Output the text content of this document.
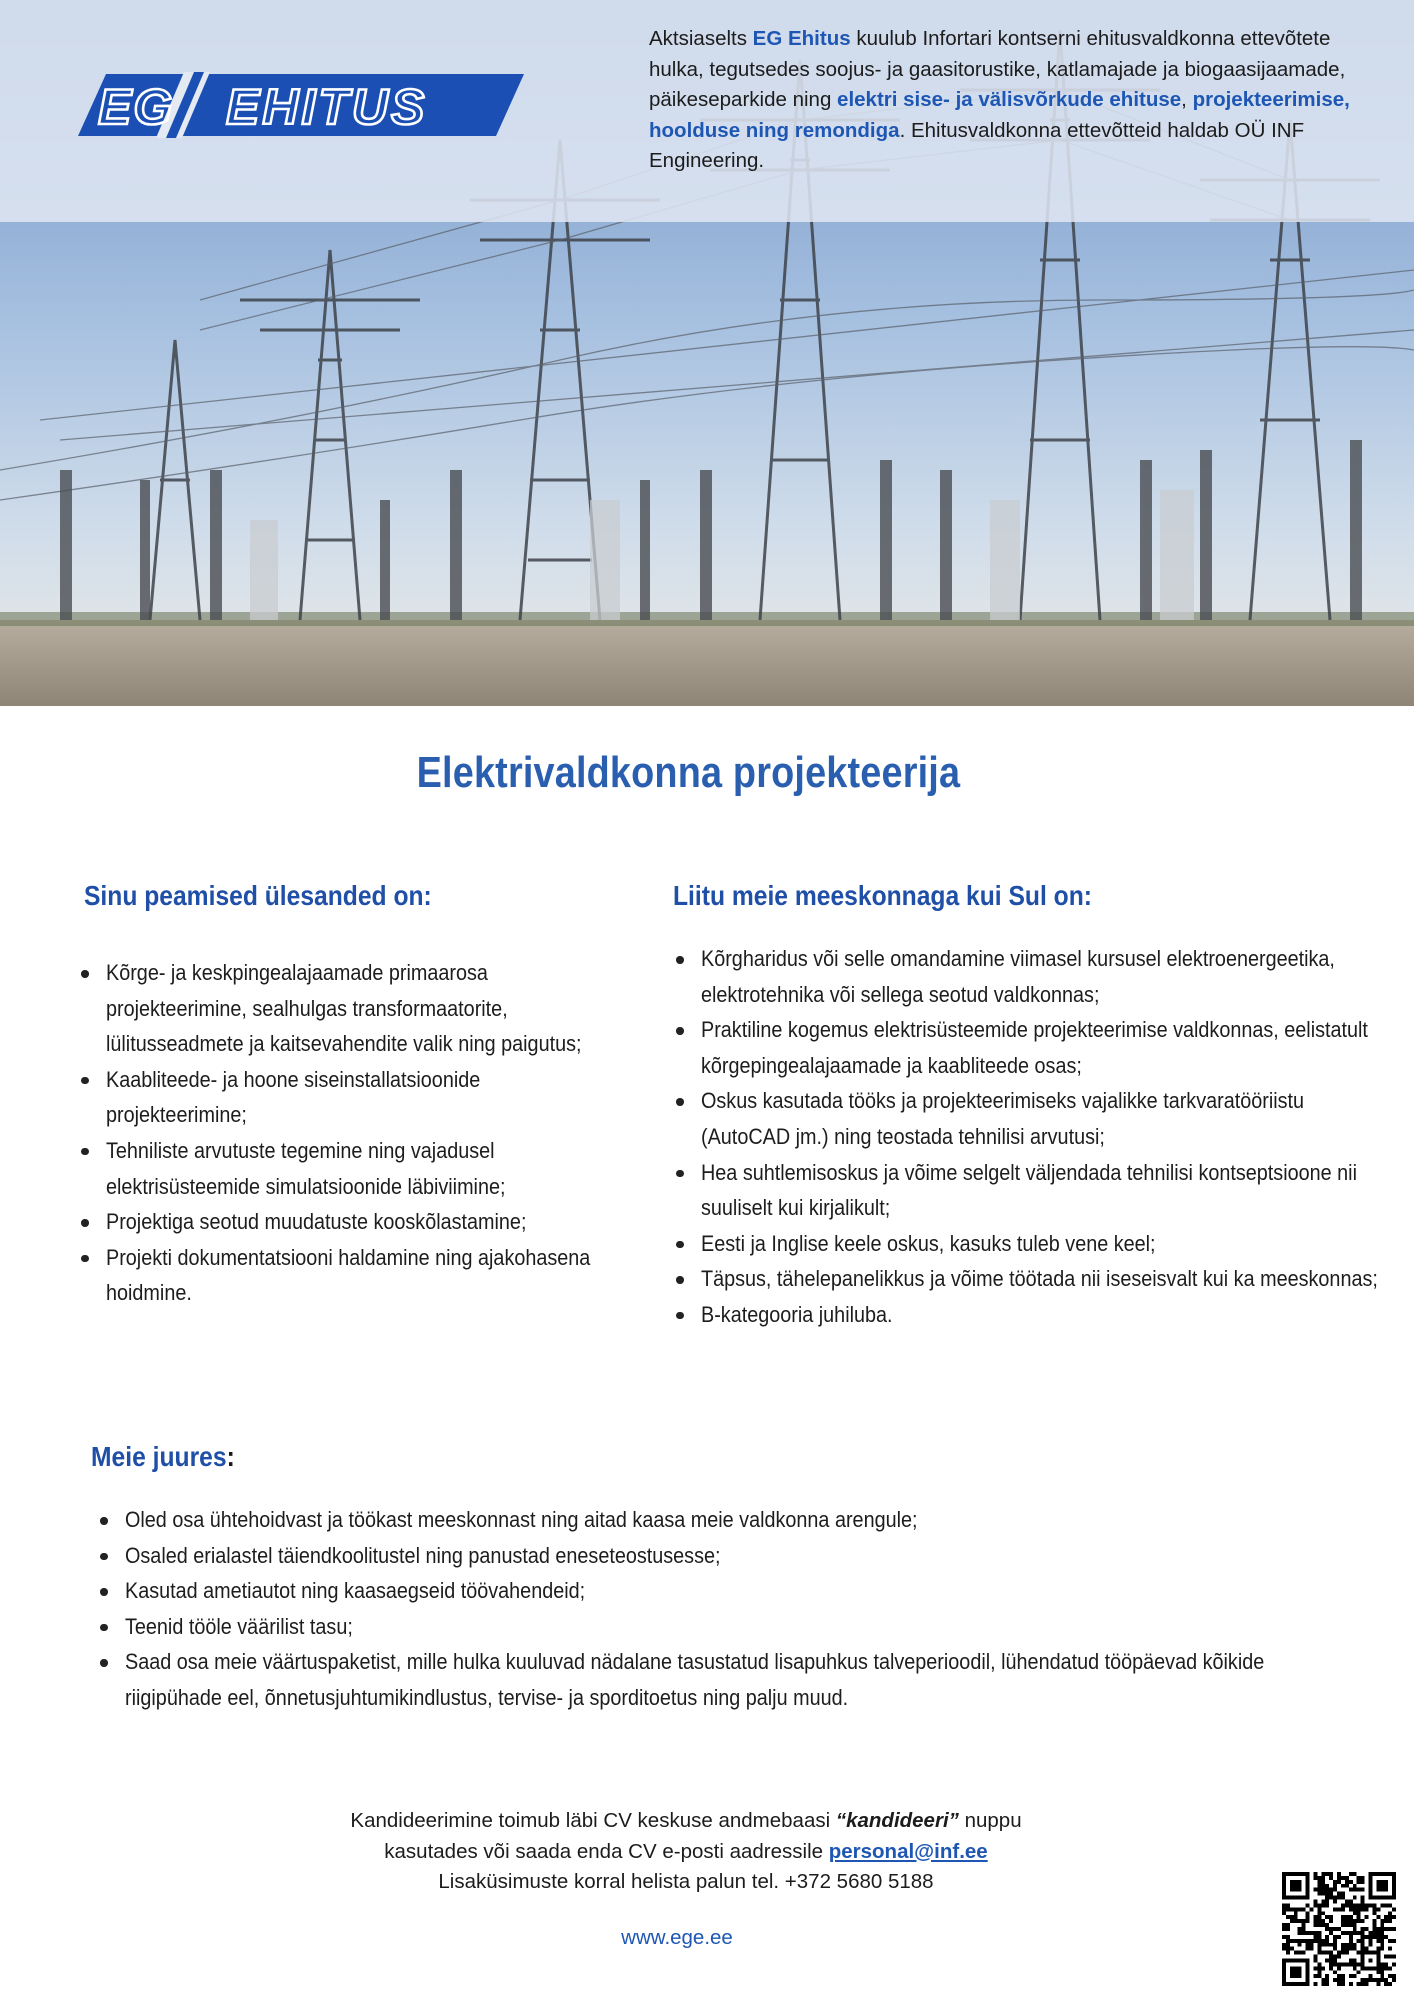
EG EHITUS
Aktsiaselts EG Ehitus kuulub Infortari kontserni ehitusvaldkonna ettevõtete hulka, tegutsedes soojus- ja gaasitorustike, katlamajade ja biogaasijaamade, päikeseparkide ning elektri sise- ja välisvõrkude ehituse, projekteerimise, hoolduse ning remondiga. Ehitusvaldkonna ettevõtteid haldab OÜ INF Engineering.
Elektrivaldkonna projekteerija
Sinu peamised ülesanded on:
Kõrge- ja keskpingealajaamade primaarosa projekteerimine, sealhulgas transformaatorite, lülitusseadmete ja kaitsevahendite valik ning paigutus;
Kaabliteede- ja hoone siseinstallatsioonide projekteerimine;
Tehniliste arvutuste tegemine ning vajadusel elektrisüsteemide simulatsioonide läbiviimine;
Projektiga seotud muudatuste kooskõlastamine;
Projekti dokumentatsiooni haldamine ning ajakohasena hoidmine.
Liitu meie meeskonnaga kui Sul on:
Kõrgharidus või selle omandamine viimasel kursusel elektroenergeetika, elektrotehnika või sellega seotud valdkonnas;
Praktiline kogemus elektrisüsteemide projekteerimise valdkonnas, eelistatult kõrgepingealajaamade ja kaabliteede osas;
Oskus kasutada tööks ja projekteerimiseks vajalikke tarkvaratööriistu (AutoCAD jm.) ning teostada tehnilisi arvutusi;
Hea suhtlemisoskus ja võime selgelt väljendada tehnilisi kontseptsioone nii suuliselt kui kirjalikult;
Eesti ja Inglise keele oskus, kasuks tuleb vene keel;
Täpsus, tähelepanelikkus ja võime töötada nii iseseisvalt kui ka meeskonnas;
B-kategooria juhiluba.
Meie juures:
Oled osa ühtehoidvast ja töökast meeskonnast ning aitad kaasa meie valdkonna arengule;
Osaled erialastel täiendkoolitustel ning panustad eneseteostusesse;
Kasutad ametiautot ning kaasaegseid töövahendeid;
Teenid tööle väärilist tasu;
Saad osa meie väärtuspaketist, mille hulka kuuluvad nädalane tasustatud lisapuhkus talveperioodil, lühendatud tööpäevad kõikide riigipühade eel, õnnetusjuhtumikindlustus, tervise- ja sporditoetus ning palju muud.
Kandideerimine toimub läbi CV keskuse andmebaasi “kandideeri” nuppu
kasutades või saada enda CV e-posti aadressile personal@inf.ee
Lisaküsimuste korral helista palun tel. +372 5680 5188
www.ege.ee
